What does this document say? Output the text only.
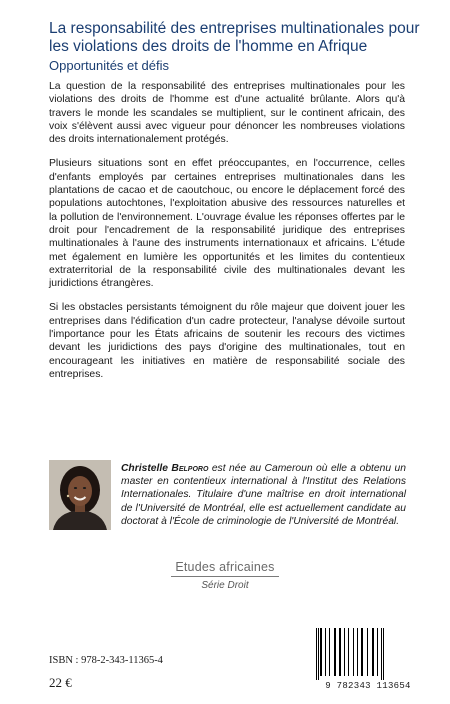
La responsabilité des entreprises multinationales pour les violations des droits de l'homme en Afrique
Opportunités et défis

La question de la responsabilité des entreprises multinationales pour les violations des droits de l'homme est d'une actualité brûlante. Alors qu'à travers le monde les scandales se multiplient, sur le continent africain, des voix s'élèvent aussi avec vigueur pour dénoncer les nombreuses violations des droits internationalement protégés.

Plusieurs situations sont en effet préoccupantes, en l'occurrence, celles d'enfants employés par certaines entreprises multinationales dans les plantations de cacao et de caoutchouc, ou encore le déplacement forcé des populations autochtones, l'exploitation abusive des ressources naturelles et la pollution de l'environnement. L'ouvrage évalue les réponses offertes par le droit pour l'encadrement de la responsabilité juridique des entreprises multinationales à l'aune des instruments internationaux et africains. L'étude met également en lumière les opportunités et les limites du contentieux extraterritorial de la responsabilité civile des multinationales devant les juridictions étrangères.

Si les obstacles persistants témoignent du rôle majeur que doivent jouer les entreprises dans l'édification d'un cadre protecteur, l'analyse dévoile surtout l'importance pour les États africains de soutenir les recours des victimes devant les juridictions des pays d'origine des multinationales, tout en encourageant les initiatives en matière de responsabilité sociale des entreprises.

Christelle Belporo est née au Cameroun où elle a obtenu un master en contentieux international à l'Institut des Relations Internationales. Titulaire d'une maîtrise en droit international de l'Université de Montréal, elle est actuellement candidate au doctorat à l'École de criminologie de l'Université de Montréal.
Etudes africaines
Série Droit
ISBN : 978-2-343-11365-4
22 €	9 782343 113654
